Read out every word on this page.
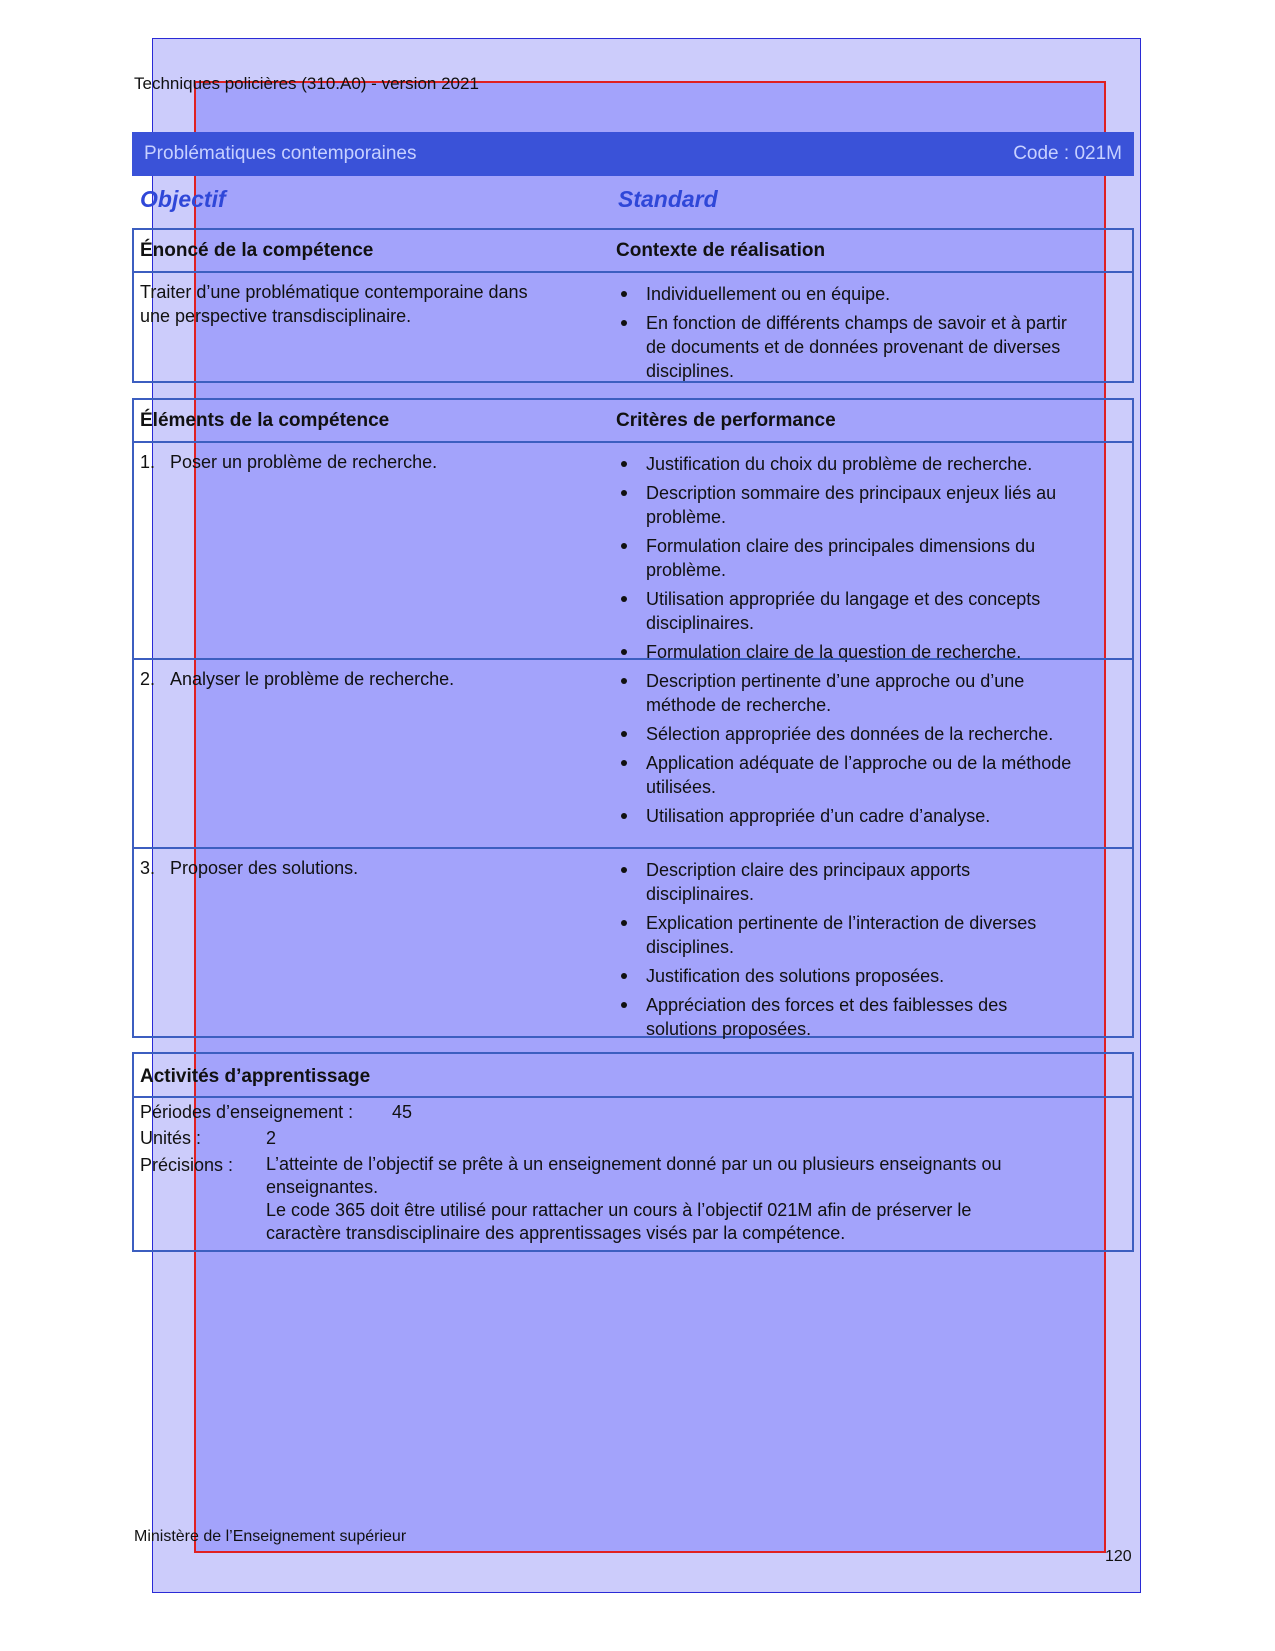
Techniques policières (310.A0) - version 2021
Problématiques contemporaines	Code : 021M
Objectif	Standard
Énoncé de la compétence	Contexte de réalisation
Traiter d’une problématique contemporaine dans
une perspective transdisciplinaire.
Individuellement ou en équipe.
En fonction de différents champs de savoir et à partir de documents et de données provenant de diverses disciplines.
Éléments de la compétence	Critères de performance
1. Poser un problème de recherche.	Justification du choix du problème de recherche.
Description sommaire des principaux enjeux liés au problème.
Formulation claire des principales dimensions du problème.
Utilisation appropriée du langage et des concepts disciplinaires.
Formulation claire de la question de recherche.
2. Analyser le problème de recherche.	Description pertinente d’une approche ou d’une méthode de recherche.
Sélection appropriée des données de la recherche.
Application adéquate de l’approche ou de la méthode utilisées.
Utilisation appropriée d’un cadre d’analyse.
3. Proposer des solutions.	Description claire des principaux apports disciplinaires.
Explication pertinente de l’interaction de diverses disciplines.
Justification des solutions proposées.
Appréciation des forces et des faiblesses des solutions proposées.
Activités d’apprentissage
Périodes d’enseignement : 45
Unités :	2
Précisions : L’atteinte de l’objectif se prête à un enseignement donné par un ou plusieurs enseignants ou
enseignantes.
Le code 365 doit être utilisé pour rattacher un cours à l’objectif 021M afin de préserver le
caractère transdisciplinaire des apprentissages visés par la compétence.
Ministère de l’Enseignement supérieur
120
